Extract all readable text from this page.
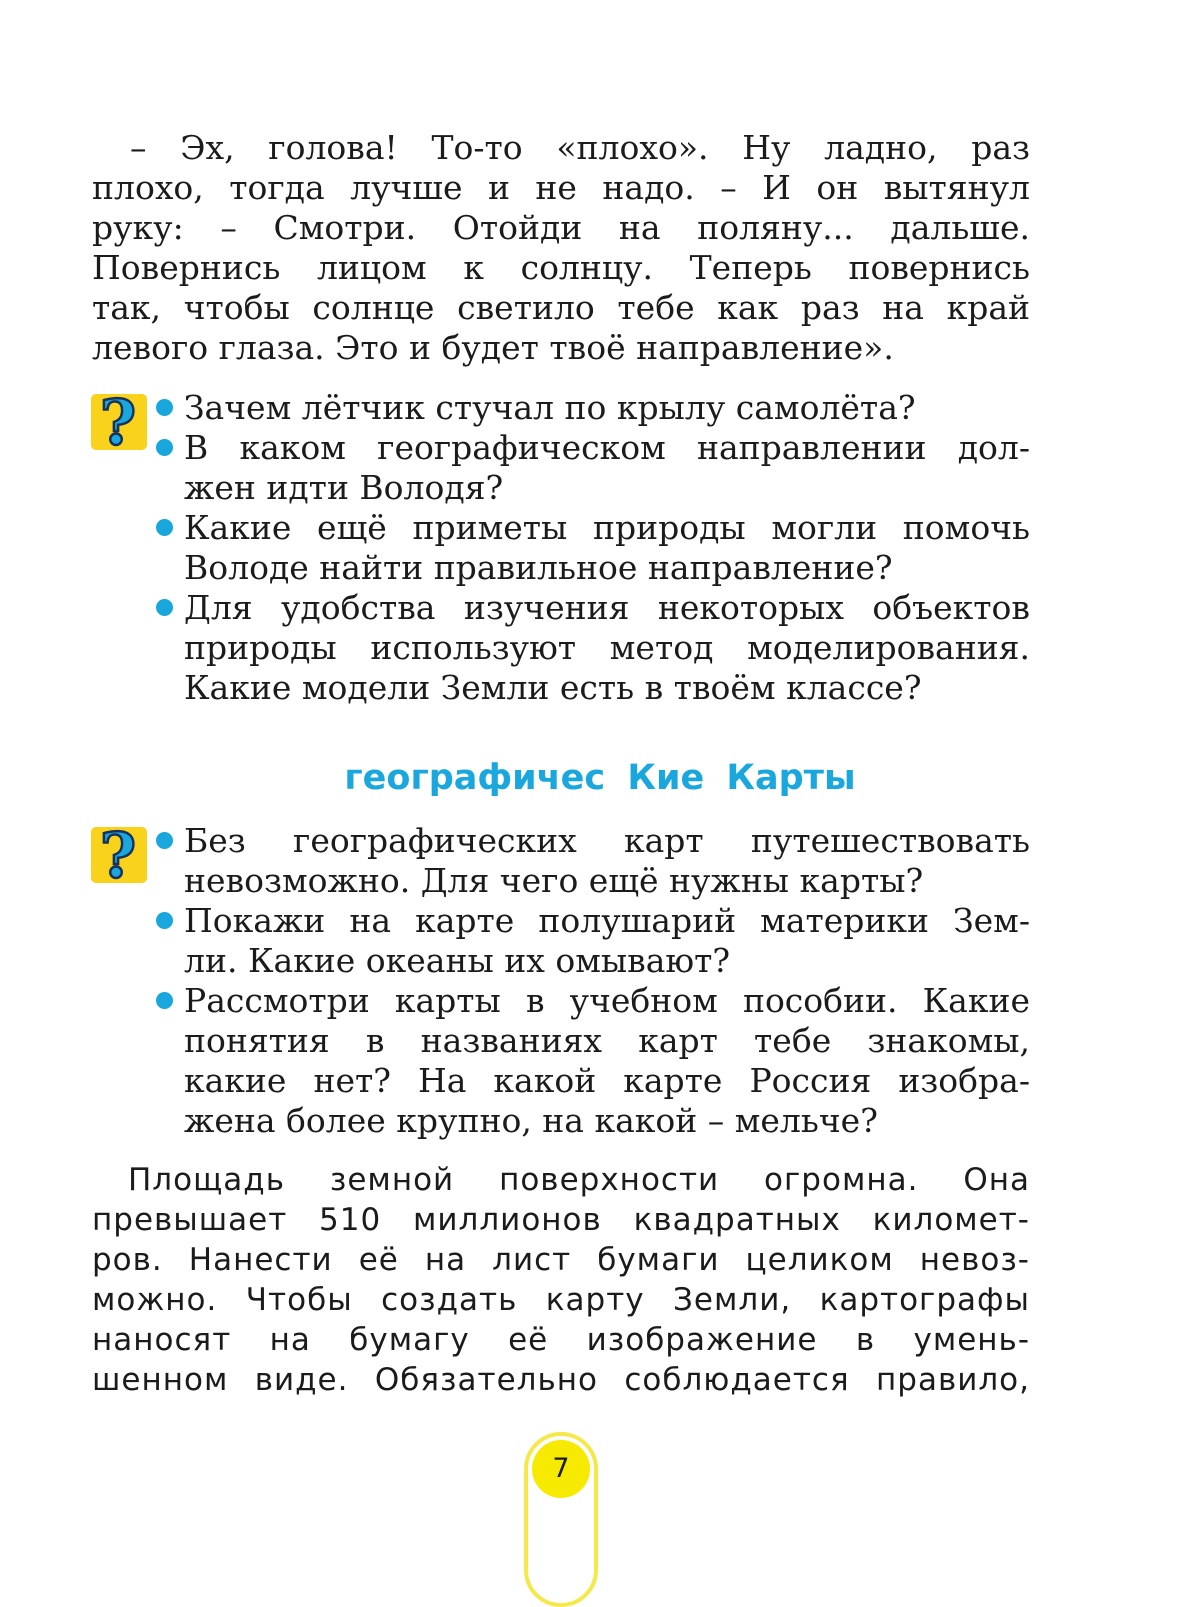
– Эх, голова! То-то «плохо». Ну ладно, раз
плохо, тогда лучше и не надо. – И он вытянул
руку: – Смотри. Отойди на поляну... дальше.
Повернись лицом к солнцу. Теперь повернись
так, чтобы солнце светило тебе как раз на край
левого глаза. Это и будет твоё направление».
? Зачем лётчик стучал по крылу самолёта?
В каком географическом направлении дол-
жен идти Володя?
Какие ещё приметы природы могли помочь
Володе найти правильное направление?
Для удобства изучения некоторых объектов
природы используют метод моделирования.
Какие модели Земли есть в твоём классе?
географичес Кие Карты
? Без географических карт путешествовать
невозможно. Для чего ещё нужны карты?
Покажи на карте полушарий материки Зем-
ли. Какие океаны их омывают?
Рассмотри карты в учебном пособии. Какие
понятия в названиях карт тебе знакомы,
какие нет? На какой карте Россия изобра-
жена более крупно, на какой – мельче?
Площадь земной поверхности огромна. Она
превышает 510 миллионов квадратных километ-
ров. Нанести её на лист бумаги целиком невоз-
можно. Чтобы создать карту Земли, картографы
наносят на бумагу её изображение в умень-
шенном виде. Обязательно соблюдается правило,
7
